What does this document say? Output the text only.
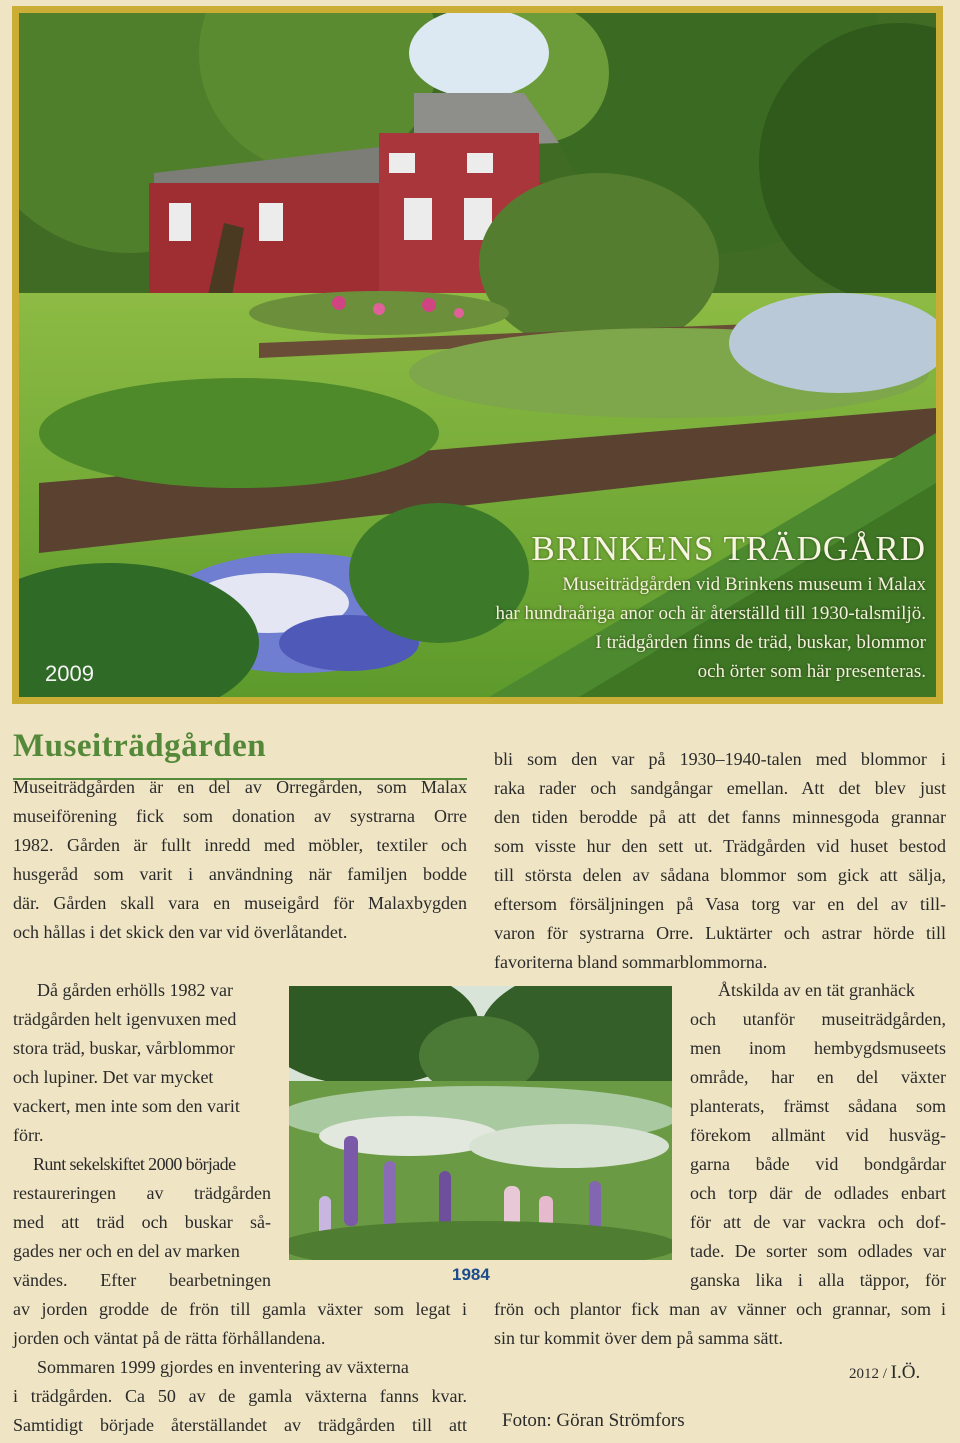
2009
BRINKENS TRÄDGÅRD
Museiträdgården vid Brinkens museum i Malax
har hundraåriga anor och är återställd till 1930-talsmiljö.
I trädgården finns de träd, buskar, blommor
och örter som här presenteras.
Museiträdgården
Museiträdgården är en del av Orregården, som Malax
museiförening fick som donation av systrarna Orre
1982. Gården är fullt inredd med möbler, textiler och
husgeråd som varit i användning när familjen bodde
där. Gården skall vara en museigård för Malaxbygden
och hållas i det skick den var vid överlåtandet.
Då gården erhölls 1982 var
trädgården helt igenvuxen med
stora träd, buskar, vårblommor
och lupiner. Det var mycket
vackert, men inte som den varit
förr.
Runt sekelskiftet 2000 började
restaureringen av trädgården
med att träd och buskar så-
gades ner och en del av marken
vändes. Efter bearbetningen
av jorden grodde de frön till gamla växter som legat i
jorden och väntat på de rätta förhållandena.
Sommaren 1999 gjordes en inventering av växterna
i trädgården. Ca 50 av de gamla växterna fanns kvar.
Samtidigt började återställandet av trädgården till att
bli som den var på 1930–1940-talen med blommor i
raka rader och sandgångar emellan. Att det blev just
den tiden berodde på att det fanns minnesgoda grannar
som visste hur den sett ut. Trädgården vid huset bestod
till största delen av sådana blommor som gick att sälja,
eftersom försäljningen på Vasa torg var en del av till-
varon för systrarna Orre. Luktärter och astrar hörde till
favoriterna bland sommarblommorna.
Åtskilda av en tät granhäck
och utanför museiträdgården,
men inom hembygdsmuseets
område, har en del växter
planterats, främst sådana som
förekom allmänt vid husväg-
garna både vid bondgårdar
och torp där de odlades enbart
för att de var vackra och dof-
tade. De sorter som odlades var
ganska lika i alla täppor, för
frön och plantor fick man av vänner och grannar, som i
sin tur kommit över dem på samma sätt.
1984
2012 / I.Ö.
Foton: Göran Strömfors
